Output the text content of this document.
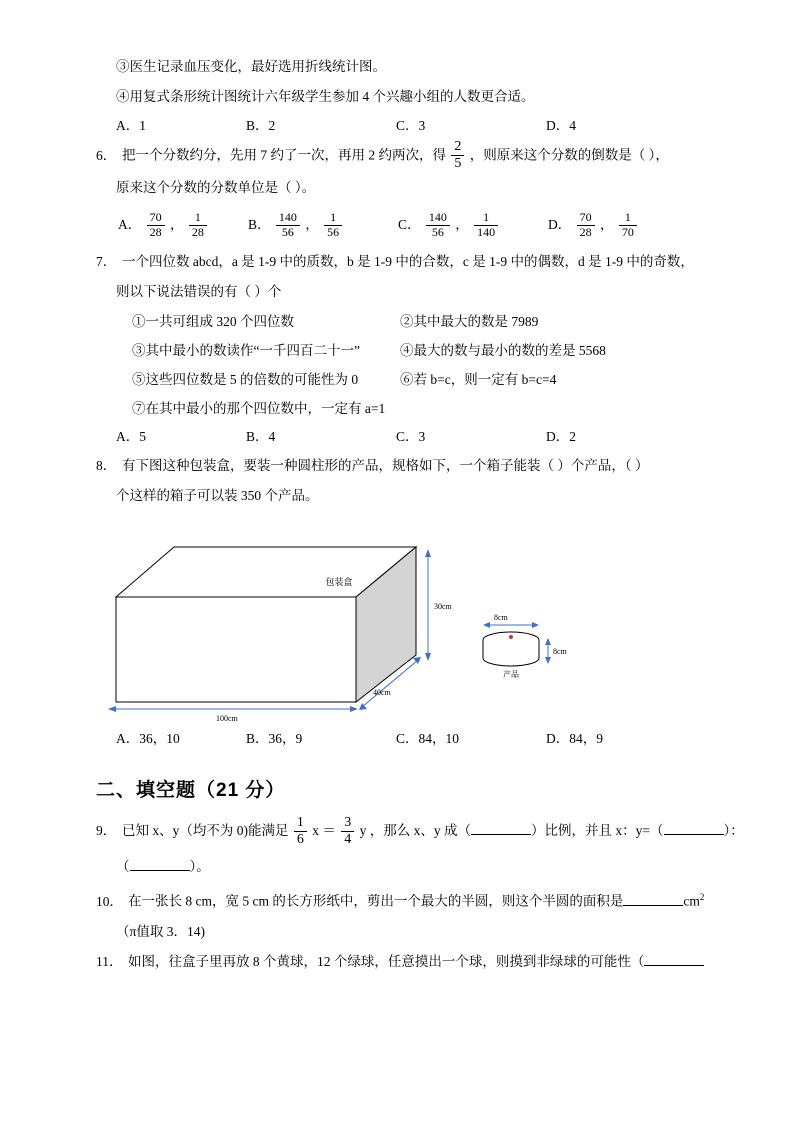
③医生记录血压变化，最好选用折线统计图。
④用复式条形统计图统计六年级学生参加 4 个兴趣小组的人数更合适。
A．1	B．2	C．3	D．4
6． 把一个分数约分，先用 7 约了一次，再用 2 约两次，得 $\frac{2}{5}$ ，则原来这个分数的倒数是（ ），
原来这个分数的分数单位是（ ）。
A． $\frac{70}{28}$ ， $\frac{1}{28}$	B． $\frac{140}{56}$ ， $\frac{1}{56}$	C． $\frac{140}{56}$ ， $\frac{1}{140}$	D． $\frac{70}{28}$ ， $\frac{1}{70}$
7． 一个四位数 abcd，a 是 1-9 中的质数，b 是 1-9 中的合数，c 是 1-9 中的偶数，d 是 1-9 中的奇数，
则以下说法错误的有（ ）个
①一共可组成 320 个四位数	②其中最大的数是 7989
③其中最小的数读作“一千四百二十一”	④最大的数与最小的数的差是 5568
⑤这些四位数是 5 的倍数的可能性为 0	⑥若 b=c，则一定有 b=c=4
⑦在其中最小的那个四位数中，一定有 a=1
A．5	B．4	C．3	D．2
8． 有下图这种包装盒，要装一种圆柱形的产品，规格如下，一个箱子能装（ ）个产品，（ ）
个这样的箱子可以装 350 个产品。
包装盒
30cm
40cm
100cm
8cm
8cm
产品
A．36，10	B．36，9	C．84，10	D．84，9
二、填空题（21 分）
9． 已知 x、y（均不为 0)能满足 $\frac{1}{6}$ $x = \frac{3}{4}$ y ，那么 x、y 成（	）比例，并且 x：y=（	）：
（	）。
10． 在一张长 8 cm，宽 5 cm 的长方形纸中，剪出一个最大的半圆，则这个半圆的面积是	$cm^2$
（π值取 3．14)
11． 如图，往盒子里再放 8 个黄球，12 个绿球，任意摸出一个球，则摸到非绿球的可能性（
